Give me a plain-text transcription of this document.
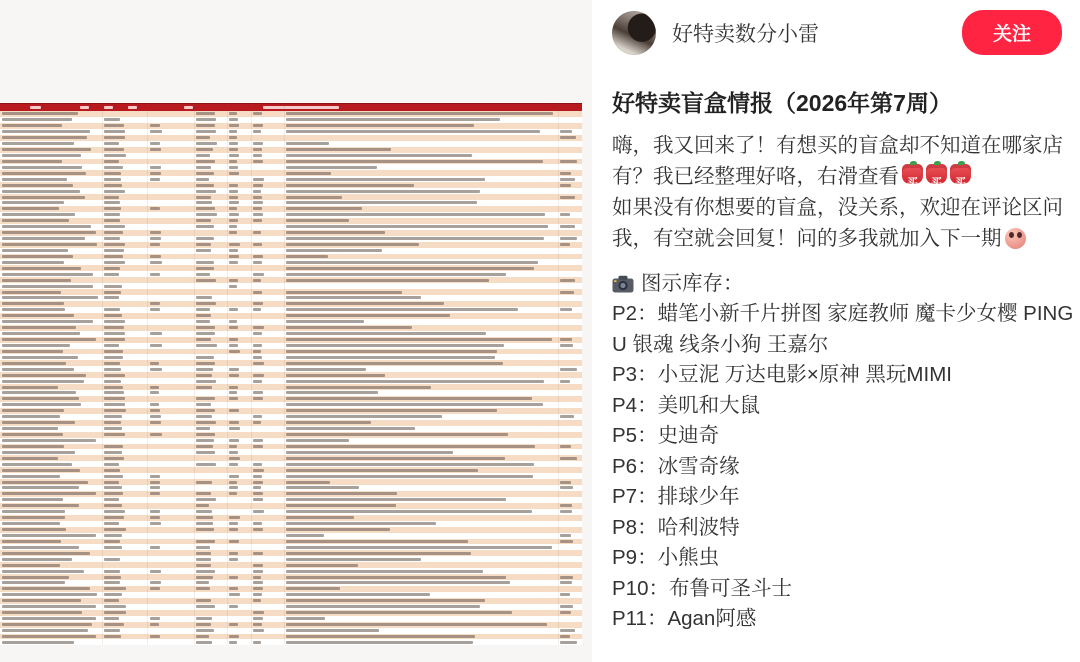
好特卖数分小雷	关注
好特卖盲盒情报（2026年第7周）

嗨，我又回来了！有想买的盲盒却不知道在哪家店有？我已经整理好咯，右滑查看 买 买 买

如果没有你想要的盲盒，没关系，欢迎在评论区问我，有空就会回复！问的多我就加入下一期

图示库存：
P2：蜡笔小新千片拼图 家庭教师 魔卡少女樱 PINGU 银魂 线条小狗 王嘉尔
P3：小豆泥 万达电影×原神 黑玩MIMI
P4：美叽和大鼠
P5：史迪奇
P6：冰雪奇缘
P7：排球少年
P8：哈利波特
P9：小熊虫
P10：布鲁可圣斗士
P11：Agan阿感
